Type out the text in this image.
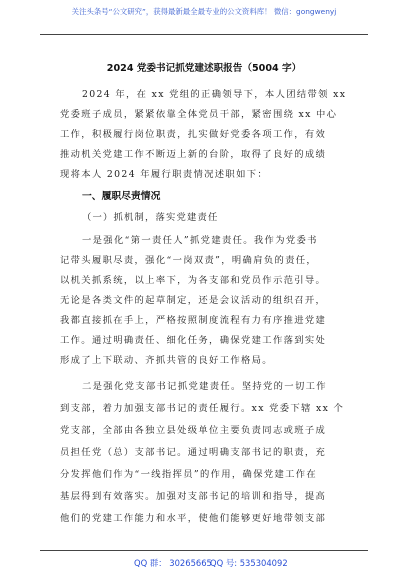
关注头条号“公文研究”，获得最新最全最专业的公文资料库！ 微信：gongwenyj
2024 党委书记抓党建述职报告（5004 字）
2024 年，在 xx 党组的正确领导下，本人团结带领 xx
党委班子成员，紧紧依靠全体党员干部，紧密围绕 xx 中心
工作，积极履行岗位职责，扎实做好党委各项工作，有效
推动机关党建工作不断迈上新的台阶，取得了良好的成绩
现将本人 2024 年履行职责情况述职如下：
一、履职尽责情况
（一）抓机制，落实党建责任
一是强化“第一责任人”抓党建责任。我作为党委书
记带头履职尽责，强化“一岗双责”，明确肩负的责任，
以机关抓系统，以上率下，为各支部和党员作示范引导。
无论是各类文件的起草制定，还是会议活动的组织召开，
我都直接抓在手上，严格按照制度流程有力有序推进党建
工作。通过明确责任、细化任务，确保党建工作落到实处
形成了上下联动、齐抓共管的良好工作格局。
二是强化党支部书记抓党建责任。坚持党的一切工作
到支部，着力加强支部书记的责任履行。xx 党委下辖 xx 个
党支部，全部由各独立县处级单位主要负责同志或班子成
员担任党（总）支部书记。通过明确支部书记的职责，充
分发挥他们作为“一线指挥员”的作用，确保党建工作在
基层得到有效落实。加强对支部书记的培训和指导，提高
他们的党建工作能力和水平，使他们能够更好地带领支部
QQ 群： 30265665
QQ 号: 535304092
